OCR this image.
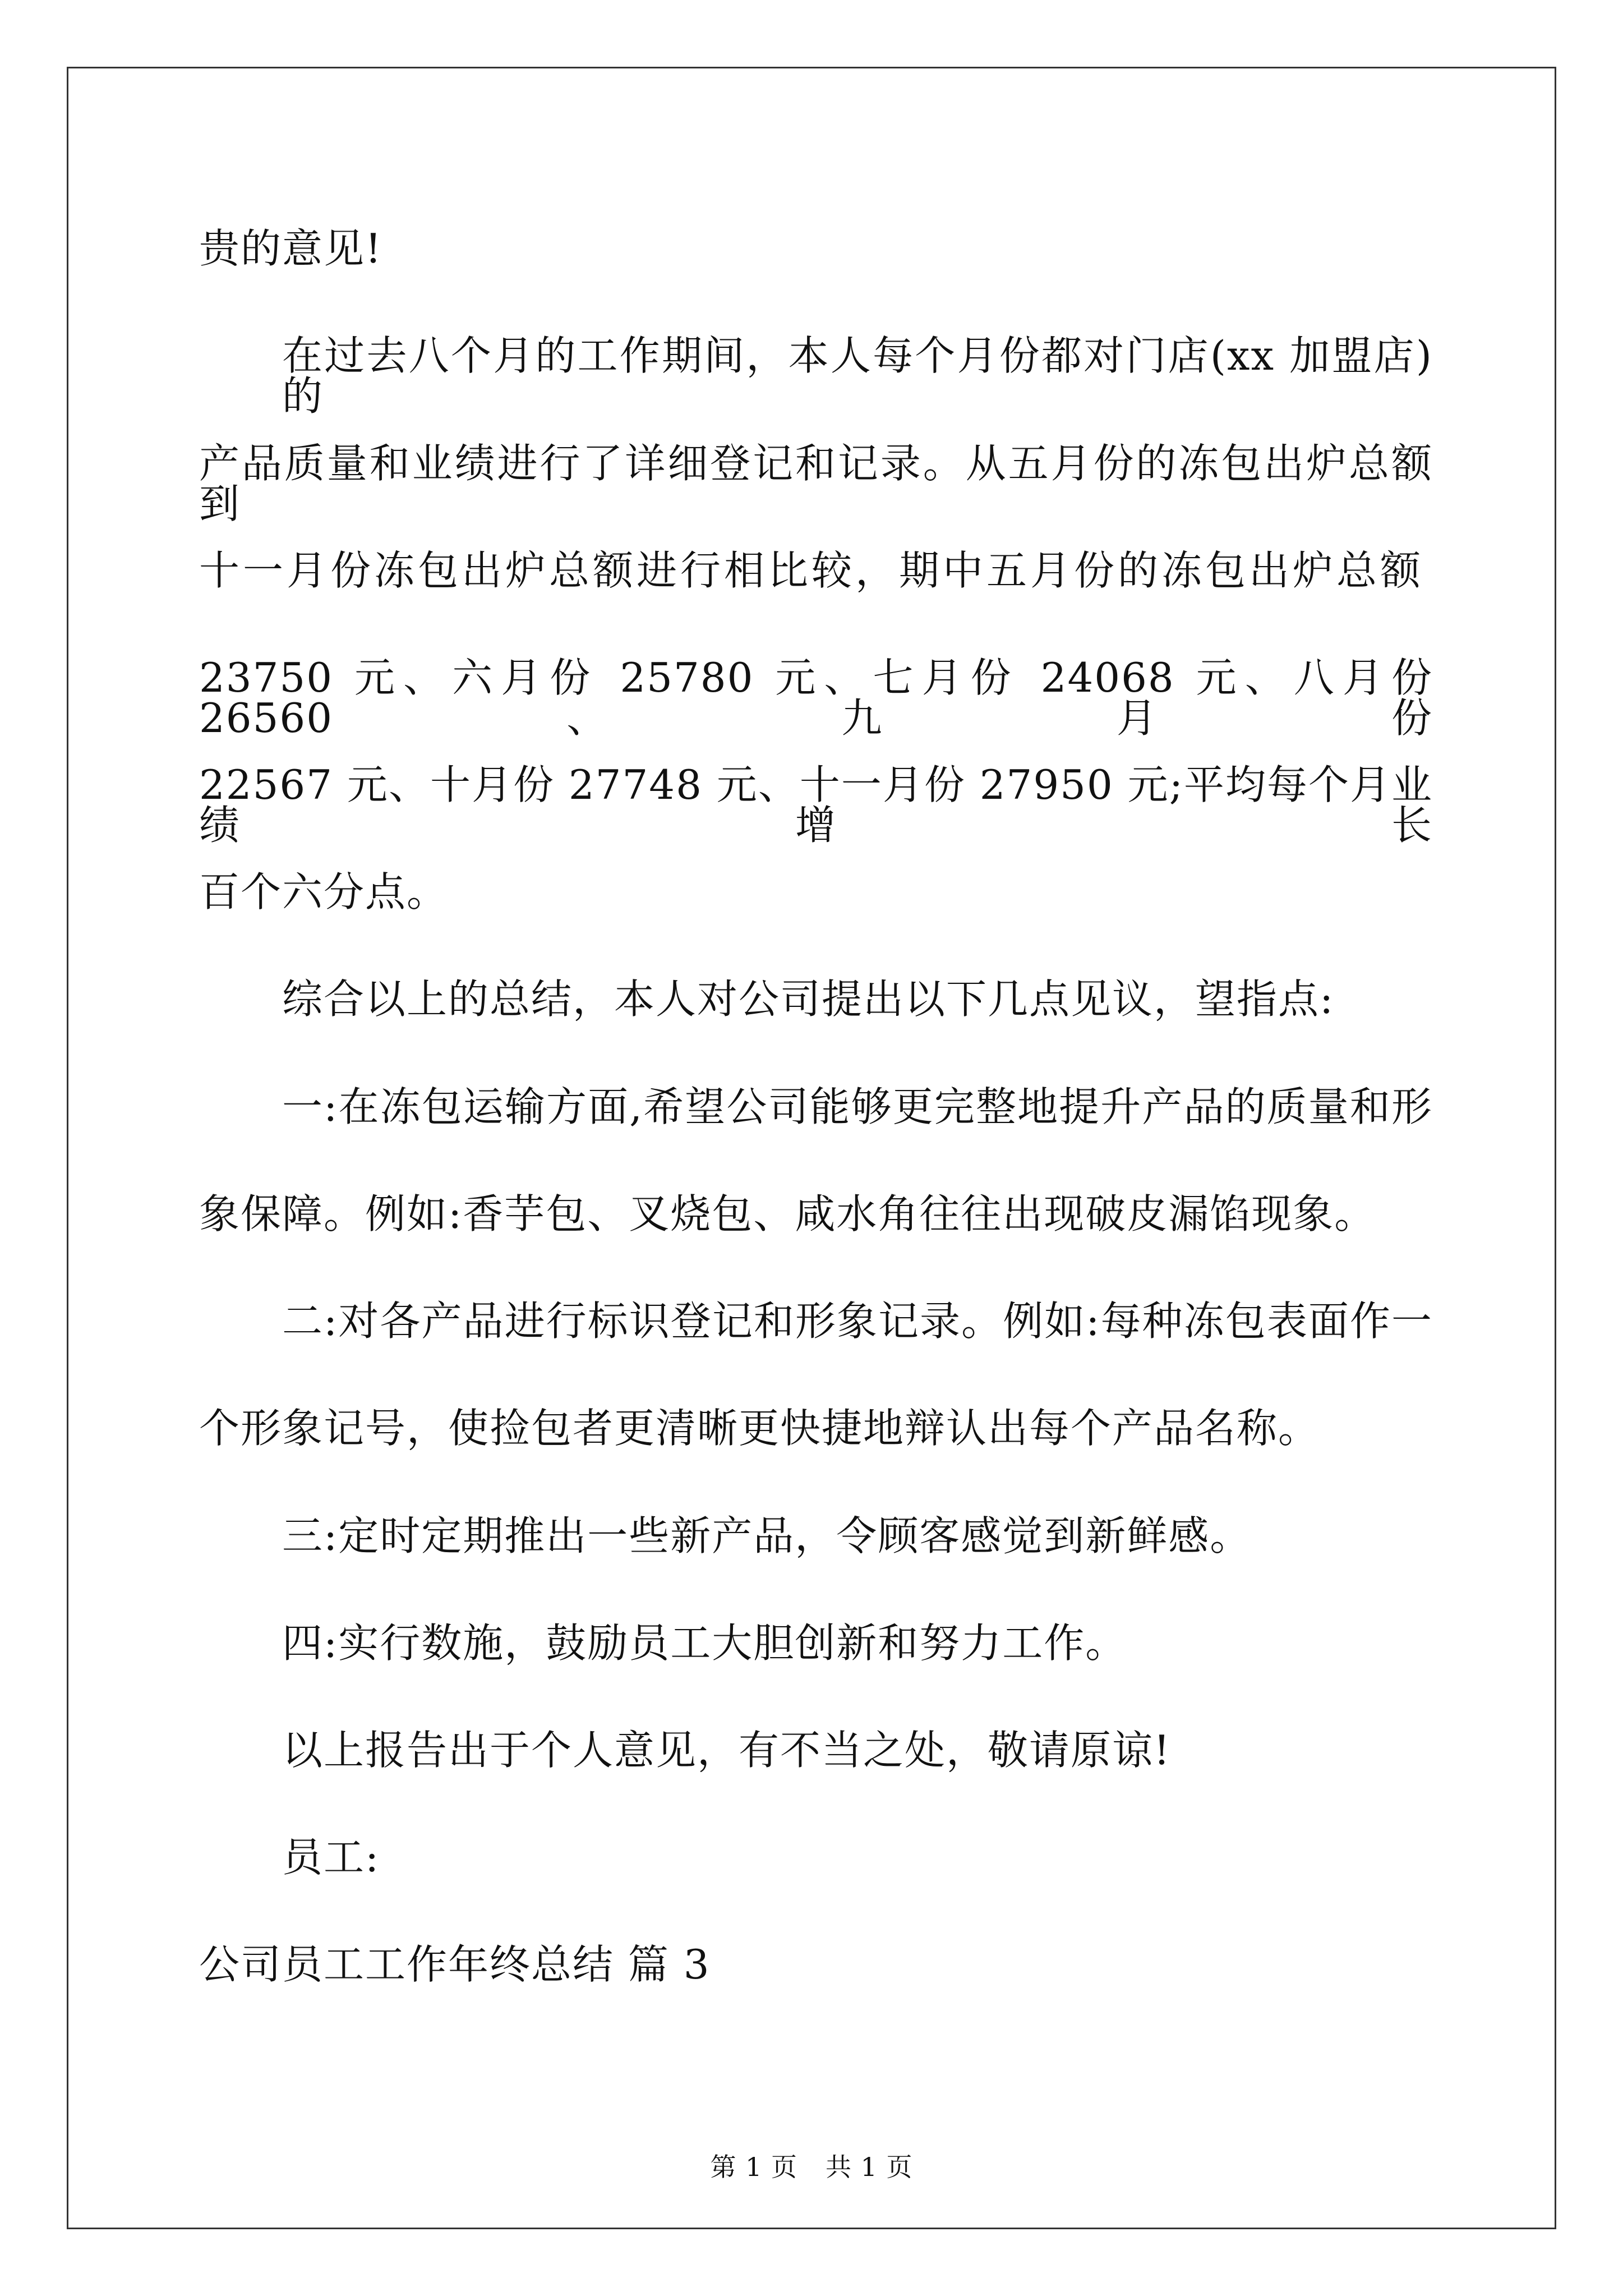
贵的意见!

在过去八个月的工作期间，本人每个月份都对门店(xx 加盟店)的

产品质量和业绩进行了详细登记和记录。从五月份的冻包出炉总额到

十一月份冻包出炉总额进行相比较，期中五月份的冻包出炉总额

23750 元、六月份 25780 元、七月份 24068 元、八月份 26560、九月份

22567 元、十月份 27748 元、十一月份 27950 元;平均每个月业绩增长

百个六分点。

综合以上的总结，本人对公司提出以下几点见议，望指点:

一:在冻包运输方面,希望公司能够更完整地提升产品的质量和形

象保障。例如:香芋包、叉烧包、咸水角往往出现破皮漏馅现象。

二:对各产品进行标识登记和形象记录。例如:每种冻包表面作一

个形象记号，使捡包者更清晰更快捷地辩认出每个产品名称。

三:定时定期推出一些新产品，令顾客感觉到新鲜感。

四:实行数施，鼓励员工大胆创新和努力工作。

以上报告出于个人意见，有不当之处，敬请原谅!

员工:

公司员工工作年终总结 篇 3

第 1 页 共 1 页
